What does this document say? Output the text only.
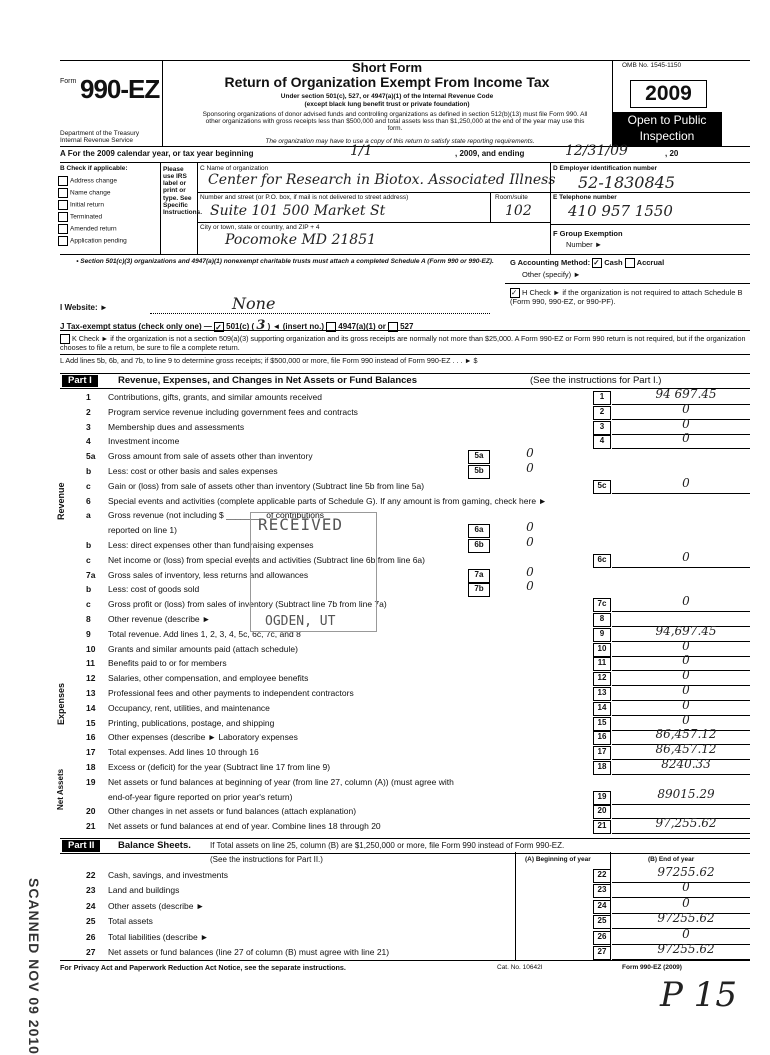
Form 990-EZ
Department of the Treasury
Internal Revenue Service
Short Form
Return of Organization Exempt From Income Tax
Under section 501(c), 527, or 4947(a)(1) of the Internal Revenue Code
(except black lung benefit trust or private foundation)
Sponsoring organizations of donor advised funds and controlling organizations as defined in section 512(b)(13) must file Form 990. All other organizations with gross receipts less than $500,000 and total assets less than $1,250,000 at the end of the year may use this form.
The organization may have to use a copy of this return to satisfy state reporting requirements.
OMB No. 1545-1150
2009
Open to Public
Inspection
A For the 2009 calendar year, or tax year beginning	1/1	, 2009, and ending	12/31/09	, 20
B Check if applicable:
Address change
Name change
Initial return
Terminated
Amended return
Application pending
Please use IRS label or print or type. See Specific Instructions.
C Name of organization
Center for Research in Biotox. Associated Illness
Number and street (or P.O. box, if mail is not delivered to street address)	Room/suite
Suite 101 500 Market St	102
City or town, state or country, and ZIP + 4
Pocomoke MD 21851
D Employer identification number
52-1830845
E Telephone number
410 957 1550
F Group Exemption
Number ►
• Section 501(c)(3) organizations and 4947(a)(1) nonexempt charitable trusts must attach a completed Schedule A (Form 990 or 990-EZ). G Accounting Method: ✓ Cash Accrual
Other (specify) ►
✓ H Check ► if the organization is not required to attach Schedule B (Form 990, 990-EZ, or 990-PF).
I Website: ►	None
J Tax-exempt status (check only one) — ✓ 501(c) ( 3 ) ◄ (insert no.) 4947(a)(1) or 527
K Check ► if the organization is not a section 509(a)(3) supporting organization and its gross receipts are normally not more than $25,000. A Form 990-EZ or Form 990 return is not required, but if the organization chooses to file a return, be sure to file a complete return.
L Add lines 5b, 6b, and 7b, to line 9 to determine gross receipts; if $500,000 or more, file Form 990 instead of Form 990-EZ . . . ► $
Part I	Revenue, Expenses, and Changes in Net Assets or Fund Balances	(See the instructions for Part I.)
Revenue
Expenses
Net Assets
1	Contributions, gifts, grants, and similar amounts received	1	94 697.45
2	Program service revenue including government fees and contracts	2	0
3	Membership dues and assessments	3	0
4	Investment income	4	0
5a	Gross amount from sale of assets other than inventory	5a	0
b	Less: cost or other basis and sales expenses	5b	0
c	Gain or (loss) from sale of assets other than inventory (Subtract line 5b from line 5a)	5c	0
6	Special events and activities (complete applicable parts of Schedule G). If any amount is from gaming, check here ►
a	Gross revenue (not including $ ________ of contributions
reported on line 1)	6a	0
b	Less: direct expenses other than fundraising expenses	6b	0
c	Net income or (loss) from special events and activities (Subtract line 6b from line 6a)	6c	0
7a	Gross sales of inventory, less returns and allowances	7a	0
b	Less: cost of goods sold	7b	0
c	Gross profit or (loss) from sales of inventory (Subtract line 7b from line 7a)	7c	0
8	Other revenue (describe ►	8
9	Total revenue. Add lines 1, 2, 3, 4, 5c, 6c, 7c, and 8	9	94,697.45
10	Grants and similar amounts paid (attach schedule)	10	0
11	Benefits paid to or for members	11	0
12	Salaries, other compensation, and employee benefits	12	0
13	Professional fees and other payments to independent contractors	13	0
14	Occupancy, rent, utilities, and maintenance	14	0
15	Printing, publications, postage, and shipping	15	0
16	Other expenses (describe ► Laboratory expenses	16	86,457.12
17	Total expenses. Add lines 10 through 16	17	86,457.12
18	Excess or (deficit) for the year (Subtract line 17 from line 9)	18	8240.33
19	Net assets or fund balances at beginning of year (from line 27, column (A)) (must agree with
end-of-year figure reported on prior year's return)	19	89015.29
20	Other changes in net assets or fund balances (attach explanation)	20
21	Net assets or fund balances at end of year. Combine lines 18 through 20	21	97,255.62
Part II	Balance Sheets. If Total assets on line 25, column (B) are $1,250,000 or more, file Form 990 instead of Form 990-EZ.
(See the instructions for Part II.)	(A) Beginning of year	(B) End of year
22	Cash, savings, and investments	22	97255.62
23	Land and buildings	23	0
24	Other assets (describe ►	24	0
25	Total assets	25	97255.62
26	Total liabilities (describe ►	26	0
27	Net assets or fund balances (line 27 of column (B) must agree with line 21)	27	97255.62
For Privacy Act and Paperwork Reduction Act Notice, see the separate instructions.	Cat. No. 10642I	Form 990-EZ (2009)
RECEIVED
OGDEN, UT
SCANNED NOV 09 2010	P 15
